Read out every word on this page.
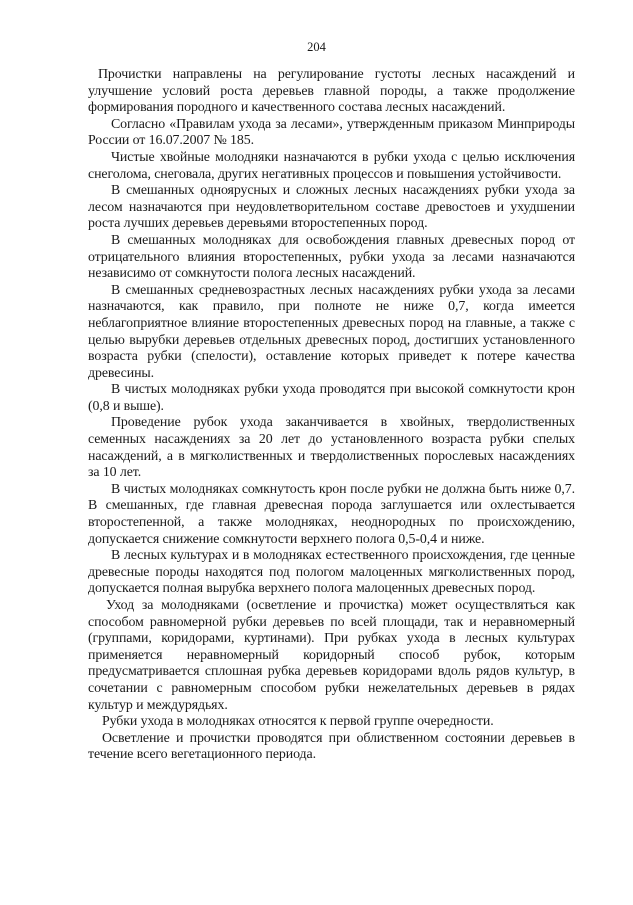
204

Прочистки направлены на регулирование густоты лесных насаждений и улучшение условий роста деревьев главной породы, а также продолжение формирования породного и качественного состава лесных насаждений.

Согласно «Правилам ухода за лесами», утвержденным приказом Минприроды России от 16.07.2007 № 185.

Чистые хвойные молодняки назначаются в рубки ухода с целью исключения снеголома, снеговала, других негативных процессов и повышения устойчивости.

В смешанных одноярусных и сложных лесных насаждениях рубки ухода за лесом назначаются при неудовлетворительном составе древостоев и ухудшении роста лучших деревьев деревьями второстепенных пород.

В смешанных молодняках для освобождения главных древесных пород от отрицательного влияния второстепенных, рубки ухода за лесами назначаются независимо от сомкнутости полога лесных насаждений.

В смешанных средневозрастных лесных насаждениях рубки ухода за лесами назначаются, как правило, при полноте не ниже 0,7, когда имеется неблагоприятное влияние второстепенных древесных пород на главные, а также с целью вырубки деревьев отдельных древесных пород, достигших установленного возраста рубки (спелости), оставление которых приведет к потере качества древесины.

В чистых молодняках рубки ухода проводятся при высокой сомкнутости крон (0,8 и выше).

Проведение рубок ухода заканчивается в хвойных, твердолиственных семенных насаждениях за 20 лет до установленного возраста рубки спелых насаждений, а в мягколиственных и твердолиственных порослевых насаждениях за 10 лет.

В чистых молодняках сомкнутость крон после рубки не должна быть ниже 0,7. В смешанных, где главная древесная порода заглушается или охлестывается второстепенной, а также молодняках, неоднородных по происхождению, допускается снижение сомкнутости верхнего полога 0,5-0,4 и ниже.

В лесных культурах и в молодняках естественного происхождения, где ценные древесные породы находятся под пологом малоценных мягколиственных пород, допускается полная вырубка верхнего полога малоценных древесных пород.

Уход за молодняками (осветление и прочистка) может осуществляться как способом равномерной рубки деревьев по всей площади, так и неравномерный (группами, коридорами, куртинами). При рубках ухода в лесных культурах применяется неравномерный коридорный способ рубок, которым предусматривается сплошная рубка деревьев коридорами вдоль рядов культур, в сочетании с равномерным способом рубки нежелательных деревьев в рядах культур и междурядьях.

Рубки ухода в молодняках относятся к первой группе очередности.

Осветление и прочистки проводятся при облиственном состоянии деревьев в течение всего вегетационного периода.
